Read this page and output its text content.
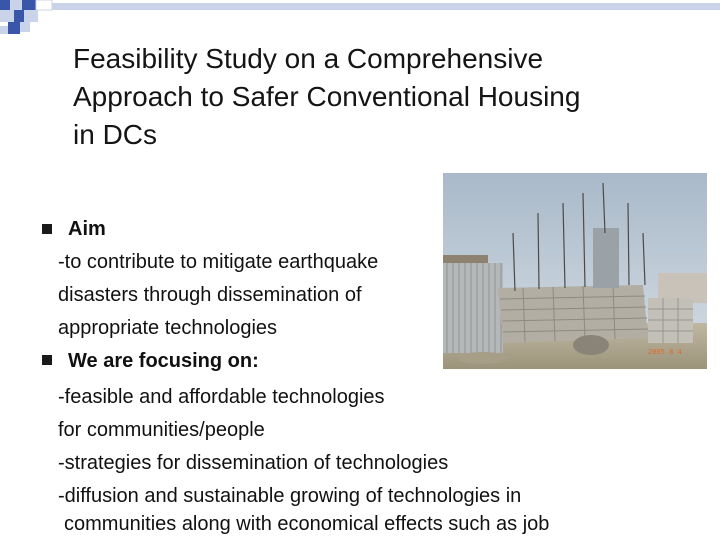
Feasibility Study on a Comprehensive
Approach to Safer Conventional Housing
in DCs
2005 8 4
Aim
-to contribute to mitigate earthquake
disasters through dissemination of
appropriate technologies
We are focusing on:
-feasible and affordable technologies
for communities/people
-strategies for dissemination of technologies
-diffusion and sustainable growing of technologies in
communities along with economical effects such as job
